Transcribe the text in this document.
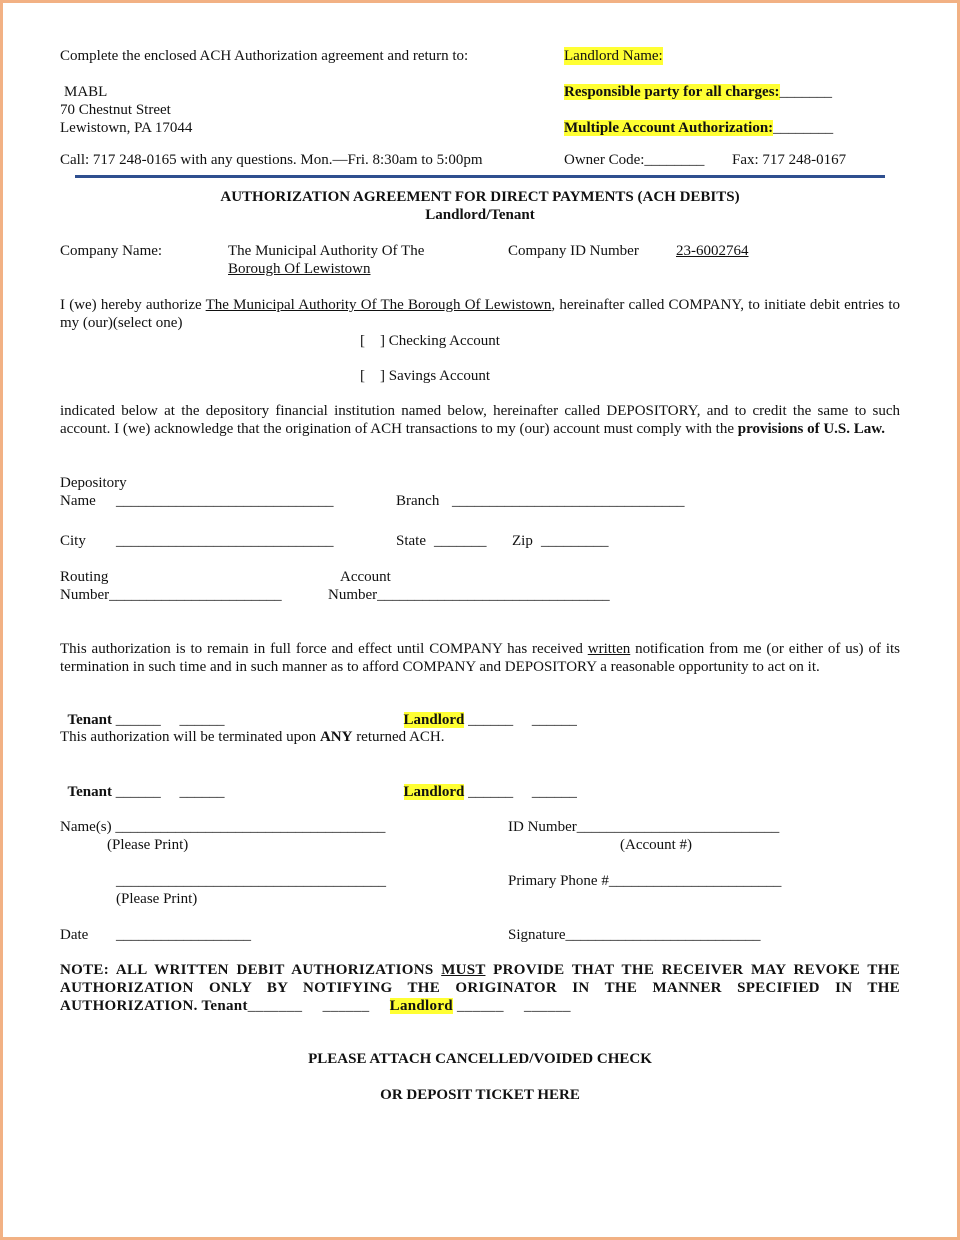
Complete the enclosed ACH Authorization agreement and return to:
MABL
70 Chestnut Street
Lewistown, PA 17044
Call: 717 248-0165 with any questions. Mon.—Fri. 8:30am to 5:00pm
Landlord Name:
Responsible party for all charges:_______
Multiple Account Authorization:________
Owner Code:________ Fax: 717 248-0167
AUTHORIZATION AGREEMENT FOR DIRECT PAYMENTS (ACH DEBITS)
Landlord/Tenant
Company Name:	The Municipal Authority Of The
Borough Of Lewistown
Company ID Number 23-6002764
I (we) hereby authorize The Municipal Authority Of The Borough Of Lewistown, hereinafter called COMPANY, to initiate debit entries to my (our)(select one)
[    ] Checking Account
[    ] Savings Account
indicated below at the depository financial institution named below, hereinafter called DEPOSITORY, and to credit the same to such account. I (we) acknowledge that the origination of ACH transactions to my (our) account must comply with the provisions of U.S. Law.
Depository
Name _____________________________	Branch _______________________________
City _____________________________	State _______ Zip _________
Routing
Number_______________________
Account
Number_______________________________
This authorization is to remain in full force and effect until COMPANY has received written notification from me (or either of us) of its termination in such time and in such manner as to afford COMPANY and DEPOSITORY a reasonable opportunity to act on it.

Tenant ______     ______	Landlord ______     ______

This authorization will be terminated upon ANY returned ACH.

Tenant ______     ______	Landlord ______     ______

Name(s) ____________________________________
(Please Print)
ID Number___________________________
(Account #)
____________________________________
(Please Print)
Primary Phone #_______________________
Date __________________	Signature__________________________
NOTE: ALL WRITTEN DEBIT AUTHORIZATIONS MUST PROVIDE THAT THE RECEIVER MAY REVOKE THE AUTHORIZATION ONLY BY NOTIFYING THE ORIGINATOR IN THE MANNER SPECIFIED IN THE AUTHORIZATION. Tenant_______     ______ Landlord ______     ______
PLEASE ATTACH CANCELLED/VOIDED CHECK
OR DEPOSIT TICKET HERE
